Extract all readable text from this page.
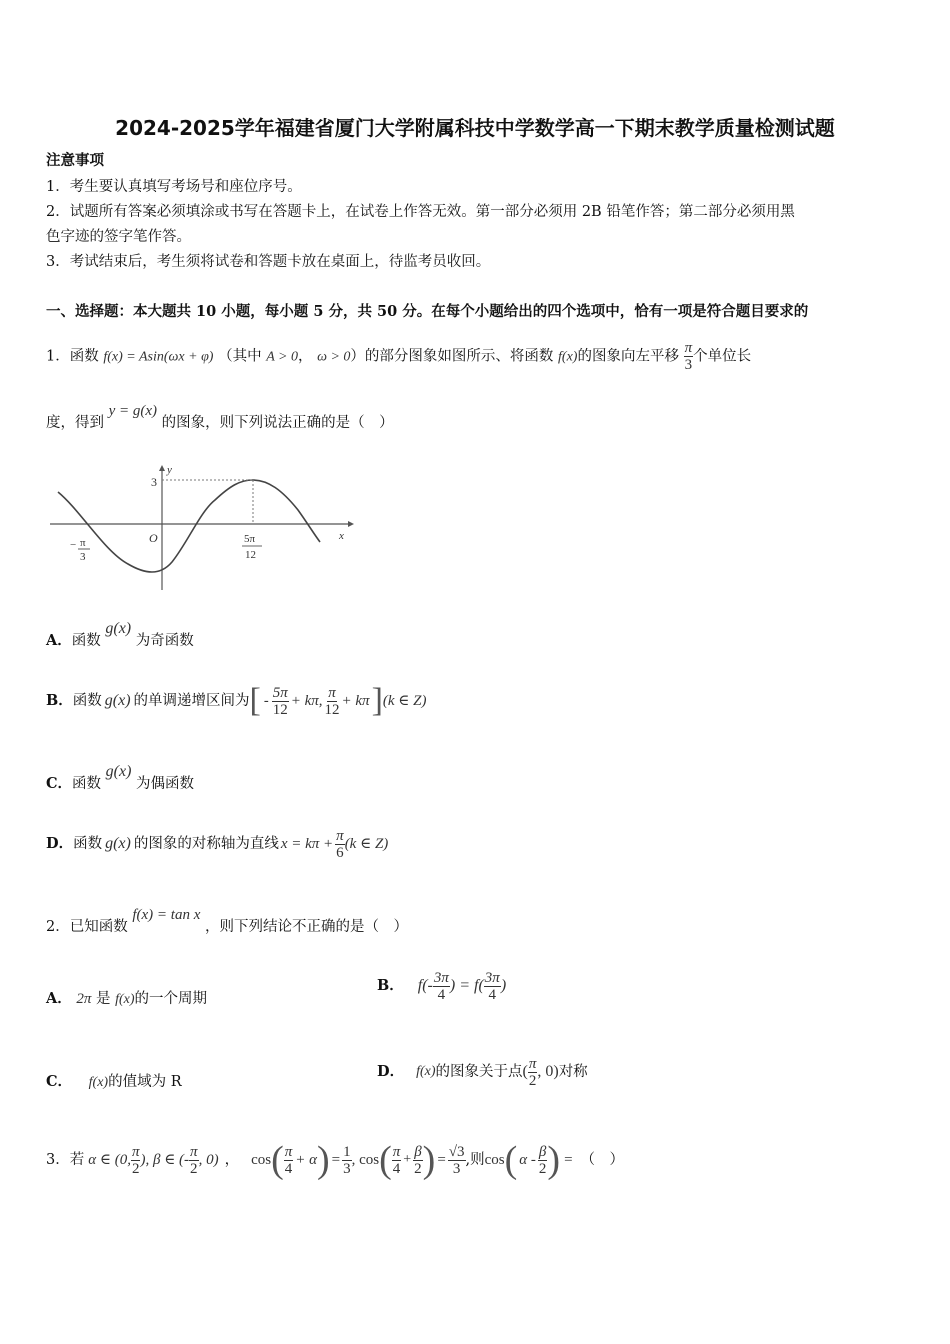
2024-2025学年福建省厦门大学附属科技中学数学高一下期末教学质量检测试题
注意事项
1．考生要认真填写考场号和座位序号。
2．试题所有答案必须填涂或书写在答题卡上，在试卷上作答无效。第一部分必须用 2B 铅笔作答；第二部分必须用黑
色字迹的签字笔作答。
3．考试结束后，考生须将试卷和答题卡放在桌面上，待监考员收回。
一、选择题：本大题共 10 小题，每小题 5 分，共 50 分。在每个小题给出的四个选项中，恰有一项是符合题目要求的
1．函数 f(x) = Asin(ωx + φ) （其中 A > 0， ω > 0）的部分图象如图所示、将函数 f(x)的图象向左平移 $\frac{\pi}{3}$ 个单位长
度，得到 y = g(x) 的图象，则下列说法正确的是（　）
3
y
x
O
− π
3
5π
12
A．函数 g(x) 为奇函数
B． 函数 g(x) 的单调递增区间为 [ - $\frac{5\pi}{12} + k\pi$, $\frac{\pi}{12} + k\pi$ ] (k ∈ Z)
C．函数 g(x) 为偶函数
D． 函数 g(x) 的图象的对称轴为直线 $x = k\pi + \frac{\pi}{6} (k$ ∈ Z)
2．已知函数 f(x) = tan x ，则下列结论不正确的是（　）
A． 2π 是 f(x)的一个周期
B． $f(- \frac{3\pi}{4}$ ) = $f( \frac{3\pi}{4}$ )
C． f(x)的值域为 R
D． f(x) 的图象关于点 ( $\frac{\pi}{2}$ , 0) 对称
3．若 α ∈ (0, $\frac{\pi}{2}$ ), β ∈ (- $\frac{\pi}{2}$ , 0) ， cos ( $\frac{\pi}{4} + \alpha$ ) = $\frac{1}{3}$ , cos ( $\frac{\pi}{4} + \frac{\beta}{2}$ ) = $\frac{√3}{3}$ ,则 cos ( α - $\frac{\beta}{2}$ ) = （　）
